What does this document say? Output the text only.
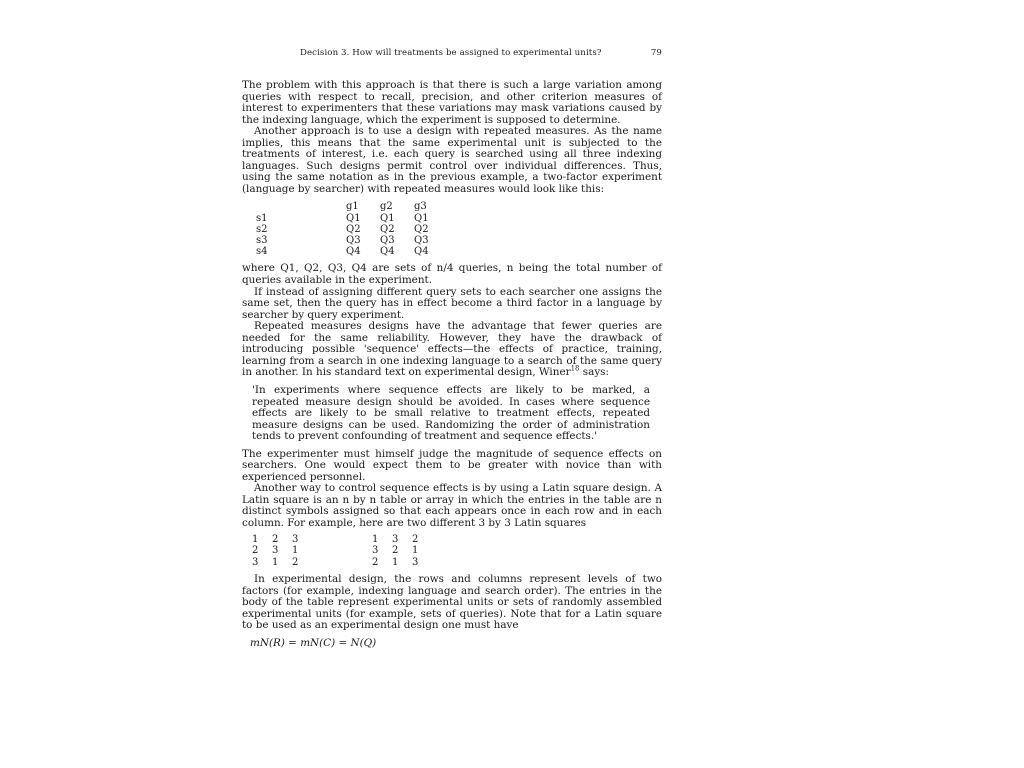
Decision 3. How will treatments be assigned to experimental units?	79

The problem with this approach is that there is such a large variation among queries with respect to recall, precision, and other criterion measures of interest to experimenters that these variations may mask variations caused by the indexing language, which the experiment is supposed to determine.

Another approach is to use a design with repeated measures. As the name implies, this means that the same experimental unit is subjected to the treatments of interest, i.e. each query is searched using all three indexing languages. Such designs permit control over individual differences. Thus, using the same notation as in the previous example, a two-factor experiment (language by searcher) with repeated measures would look like this:

	g1	g2	g3
s1	Q1	Q1	Q1
s2	Q2	Q2	Q2
s3	Q3	Q3	Q3
s4	Q4	Q4	Q4

where Q1, Q2, Q3, Q4 are sets of n/4 queries, n being the total number of queries available in the experiment.

If instead of assigning different query sets to each searcher one assigns the same set, then the query has in effect become a third factor in a language by searcher by query experiment.

Repeated measures designs have the advantage that fewer queries are needed for the same reliability. However, they have the drawback of introducing possible 'sequence' effects—the effects of practice, training, learning from a search in one indexing language to a search of the same query in another. In his standard text on experimental design, Winer$^{18}$ says:

'In experiments where sequence effects are likely to be marked, a repeated measure design should be avoided. In cases where sequence effects are likely to be small relative to treatment effects, repeated measure designs can be used. Randomizing the order of administration tends to prevent confounding of treatment and sequence effects.'

The experimenter must himself judge the magnitude of sequence effects on searchers. One would expect them to be greater with novice than with experienced personnel.

Another way to control sequence effects is by using a Latin square design. A Latin square is an n by n table or array in which the entries in the table are n distinct symbols assigned so that each appears once in each row and in each column. For example, here are two different 3 by 3 Latin squares

1	2	3
2	3	1
3	1	2
1	3	2
3	2	1
2	1	3

In experimental design, the rows and columns represent levels of two factors (for example, indexing language and search order). The entries in the body of the table represent experimental units or sets of randomly assembled experimental units (for example, sets of queries). Note that for a Latin square to be used as an experimental design one must have

mN(R) = mN(C) = N(Q)
